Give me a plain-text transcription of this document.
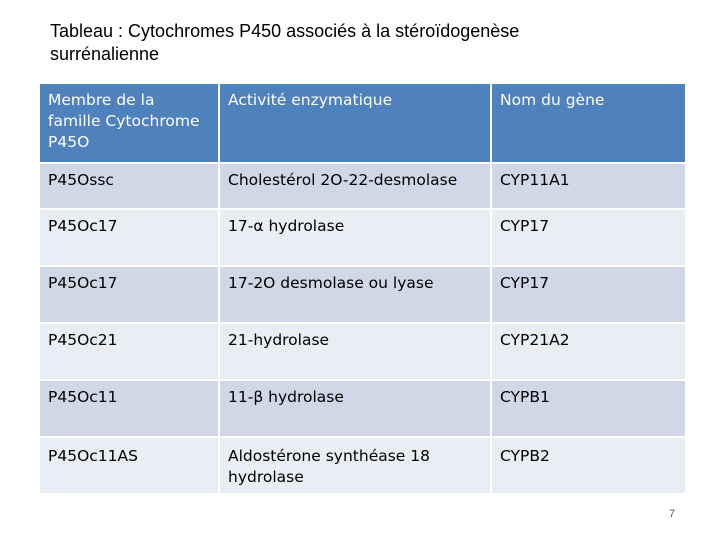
Tableau : Cytochromes P450 associés à la stéroïdogenèse
surrénalienne
Membre de la famille Cytochrome P45O	Activité enzymatique	Nom du gène
P45Ossc	Cholestérol 2O-22-desmolase	CYP11A1
P45Oc17	17-α hydrolase	CYP17
P45Oc17	17-2O desmolase ou lyase	CYP17
P45Oc21	21-hydrolase	CYP21A2
P45Oc11	11-β hydrolase	CYPB1
P45Oc11AS	Aldostérone synthéase 18 hydrolase	CYPB2
7
